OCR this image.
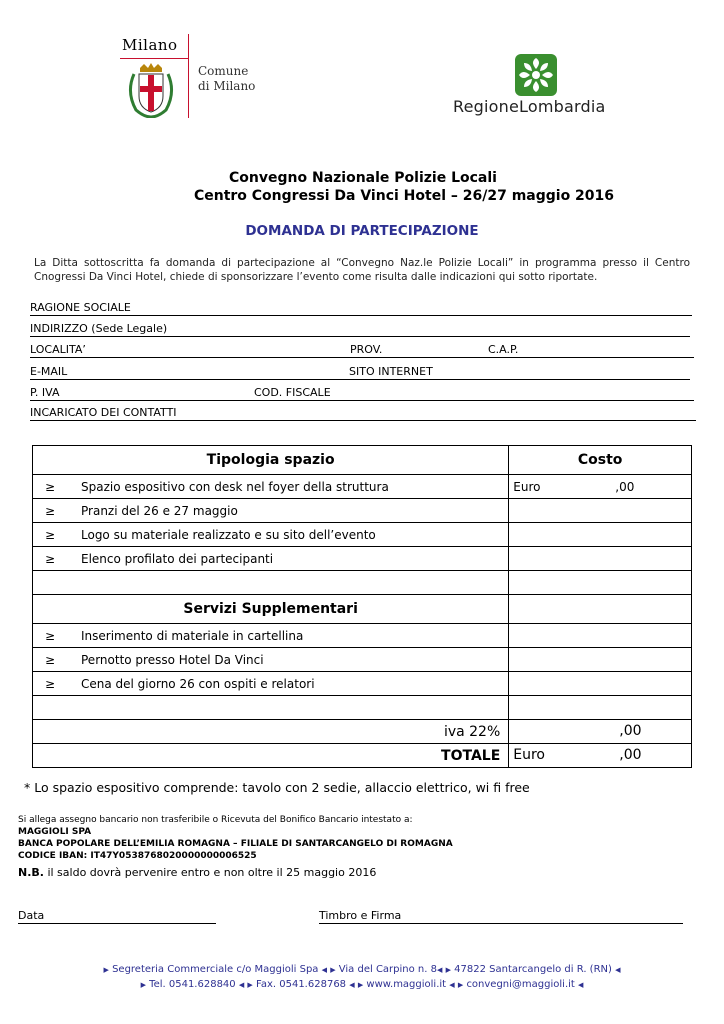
Milano
Comune
di Milano
RegioneLombardia
Convegno Nazionale Polizie Locali
Centro Congressi Da Vinci Hotel – 26/27 maggio 2016
DOMANDA DI PARTECIPAZIONE
La Ditta sottoscritta fa domanda di partecipazione al “Convegno Naz.le Polizie Locali” in programma presso il Centro Cnogressi Da Vinci Hotel, chiede di sponsorizzare l’evento come risulta dalle indicazioni qui sotto riportate.
RAGIONE SOCIALE
INDIRIZZO (Sede Legale)
LOCALITA’	PROV.	C.A.P.
E-MAIL	SITO INTERNET
P. IVA	COD. FISCALE
INCARICATO DEI CONTATTI
Tipologia spazio	Costo
≥ Spazio espositivo con desk nel foyer della struttura	Euro ,00

≥ Pranzi del 26 e 27 maggio	
≥ Logo su materiale realizzato e su sito dell’evento	
≥ Elenco profilato dei partecipanti	

Servizi Supplementari	
≥ Inserimento di materiale in cartellina	
≥ Pernotto presso Hotel Da Vinci	
≥ Cena del giorno 26 con ospiti e relatori	

iva 22%	,00

TOTALE	Euro ,00
* Lo spazio espositivo comprende: tavolo con 2 sedie, allaccio elettrico, wi fi free
Si allega assegno bancario non trasferibile o Ricevuta del Bonifico Bancario intestato a:
MAGGIOLI SPA
BANCA POPOLARE DELL’EMILIA ROMAGNA – FILIALE DI SANTARCANGELO DI ROMAGNA
CODICE IBAN: IT47Y0538768020000000006525
N.B. il saldo dovrà pervenire entro e non oltre il 25 maggio 2016
Data	Timbro e Firma
▶ Segreteria Commerciale c/o Maggioli Spa ◀ ▶ Via del Carpino n. 8◀ ▶ 47822 Santarcangelo di R. (RN) ◀
▶ Tel. 0541.628840 ◀ ▶ Fax. 0541.628768 ◀ ▶ www.maggioli.it ◀ ▶ convegni@maggioli.it ◀
